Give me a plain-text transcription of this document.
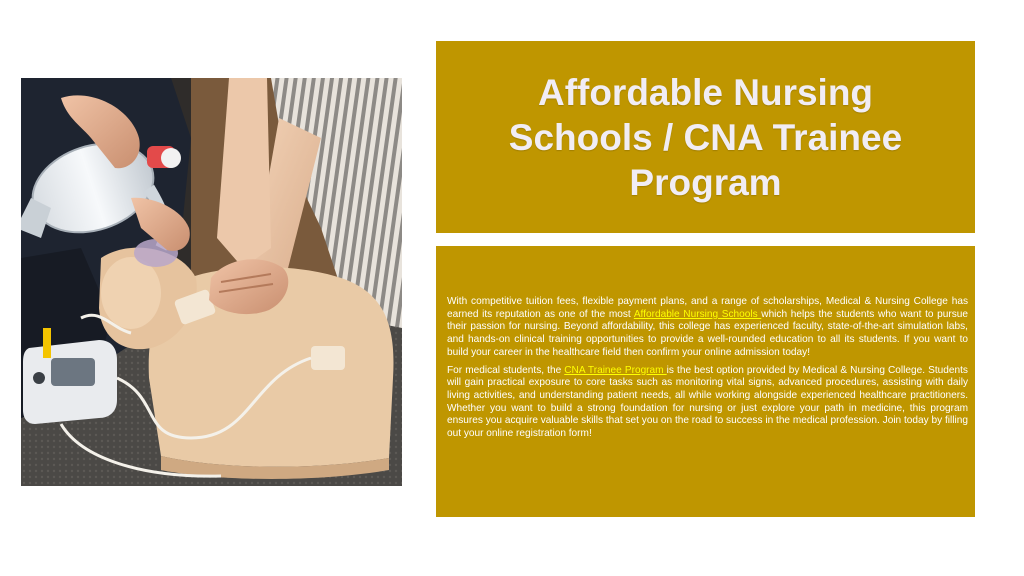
Affordable Nursing Schools / CNA Trainee Program

With competitive tuition fees, flexible payment plans, and a range of scholarships, Medical & Nursing College has earned its reputation as one of the most Affordable Nursing Schools which helps the students who want to pursue their passion for nursing. Beyond affordability, this college has experienced faculty, state-of-the-art simulation labs, and hands-on clinical training opportunities to provide a well-rounded education to all its students. If you want to build your career in the healthcare field then confirm your online admission today!

For medical students, the CNA Trainee Program is the best option provided by Medical & Nursing College. Students will gain practical exposure to core tasks such as monitoring vital signs, advanced procedures, assisting with daily living activities, and understanding patient needs, all while working alongside experienced healthcare practitioners. Whether you want to build a strong foundation for nursing or just explore your path in medicine, this program ensures you acquire valuable skills that set you on the road to success in the medical profession. Join today by filling out your online registration form!
